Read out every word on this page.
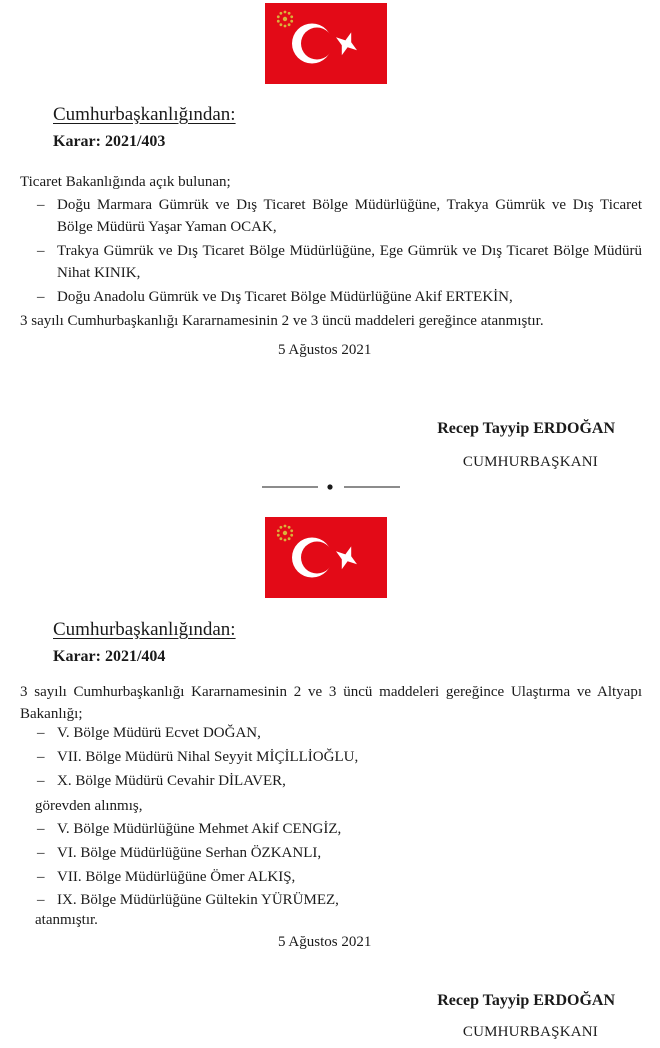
Cumhurbaşkanlığından:
Karar: 2021/403
Ticaret Bakanlığında açık bulunan;
– Doğu Marmara Gümrük ve Dış Ticaret Bölge Müdürlüğüne, Trakya Gümrük ve Dış Ticaret Bölge Müdürü Yaşar Yaman OCAK,
– Trakya Gümrük ve Dış Ticaret Bölge Müdürlüğüne, Ege Gümrük ve Dış Ticaret Bölge Müdürü Nihat KINIK,
– Doğu Anadolu Gümrük ve Dış Ticaret Bölge Müdürlüğüne Akif ERTEKİN,
3 sayılı Cumhurbaşkanlığı Kararnamesinin 2 ve 3 üncü maddeleri gereğince atanmıştır.
5 Ağustos 2021
Recep Tayyip ERDOĞAN
CUMHURBAŞKANI
Cumhurbaşkanlığından:
Karar: 2021/404

3 sayılı Cumhurbaşkanlığı Kararnamesinin 2 ve 3 üncü maddeleri gereğince Ulaştırma ve Altyapı Bakanlığı;

– V. Bölge Müdürü Ecvet DOĞAN,
– VII. Bölge Müdürü Nihal Seyyit MİÇİLLİOĞLU,
– X. Bölge Müdürü Cevahir DİLAVER,
görevden alınmış,
– V. Bölge Müdürlüğüne Mehmet Akif CENGİZ,
– VI. Bölge Müdürlüğüne Serhan ÖZKANLI,
– VII. Bölge Müdürlüğüne Ömer ALKIŞ,
– IX. Bölge Müdürlüğüne Gültekin YÜRÜMEZ,
atanmıştır.
5 Ağustos 2021
Recep Tayyip ERDOĞAN
CUMHURBAŞKANI
